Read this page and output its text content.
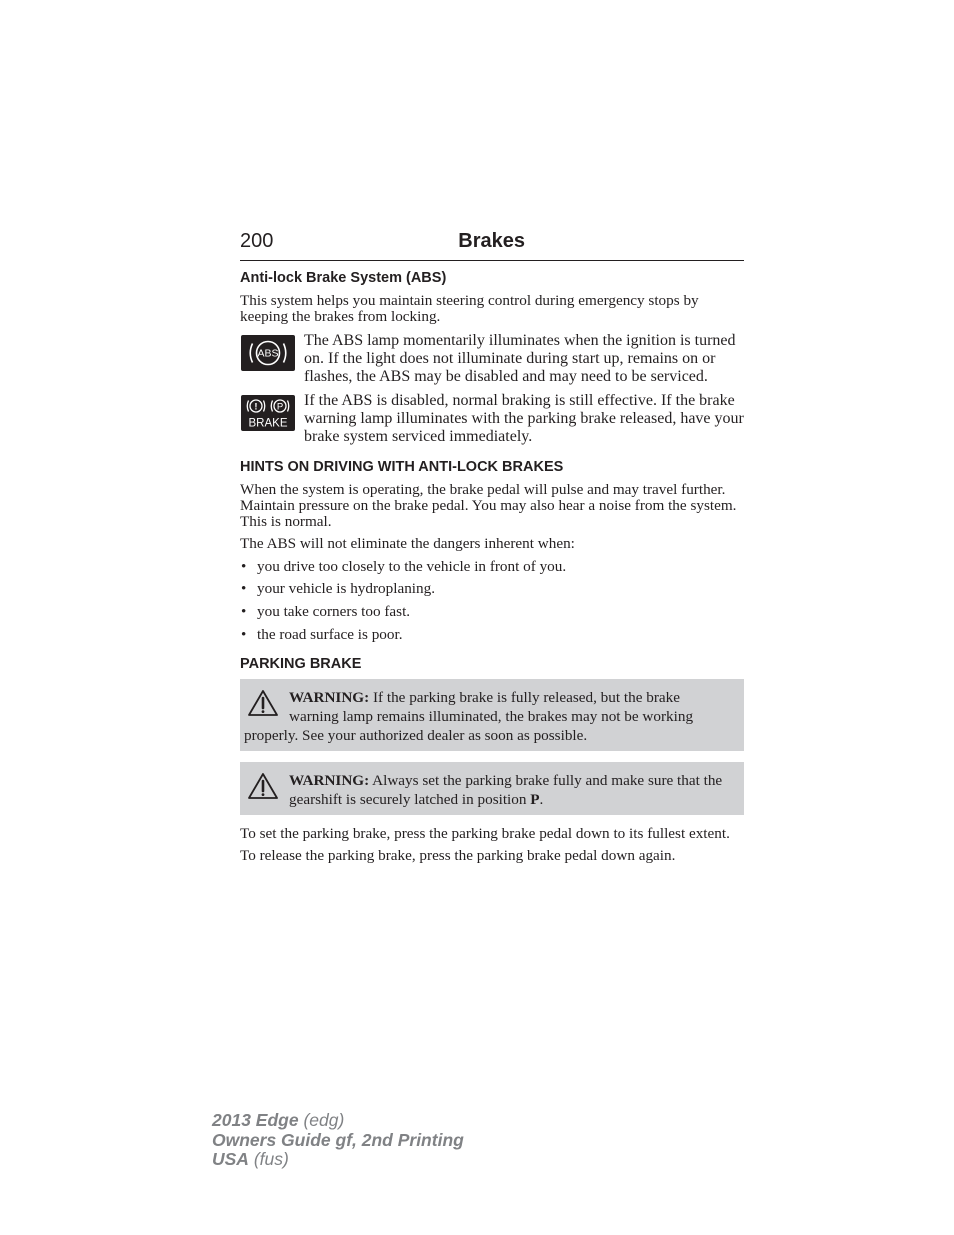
200	Brakes
Anti-lock Brake System (ABS)

This system helps you maintain steering control during emergency stops by keeping the brakes from locking.

ABS
The ABS lamp momentarily illuminates when the ignition is turned on. If the light does not illuminate during start up, remains on or flashes, the ABS may be disabled and may need to be serviced.
! P
BRAKE
If the ABS is disabled, normal braking is still effective. If the brake warning lamp illuminates with the parking brake released, have your brake system serviced immediately.
HINTS ON DRIVING WITH ANTI-LOCK BRAKES

When the system is operating, the brake pedal will pulse and may travel further. Maintain pressure on the brake pedal. You may also hear a noise from the system. This is normal.

The ABS will not eliminate the dangers inherent when:

• you drive too closely to the vehicle in front of you.
• your vehicle is hydroplaning.
• you take corners too fast.
• the road surface is poor.
PARKING BRAKE
WARNING: If the parking brake is fully released, but the brake warning lamp remains illuminated, the brakes may not be working properly. See your authorized dealer as soon as possible.
WARNING: Always set the parking brake fully and make sure that the gearshift is securely latched in position P.

To set the parking brake, press the parking brake pedal down to its fullest extent.

To release the parking brake, press the parking brake pedal down again.

2013 Edge (edg)
Owners Guide gf, 2nd Printing
USA (fus)
